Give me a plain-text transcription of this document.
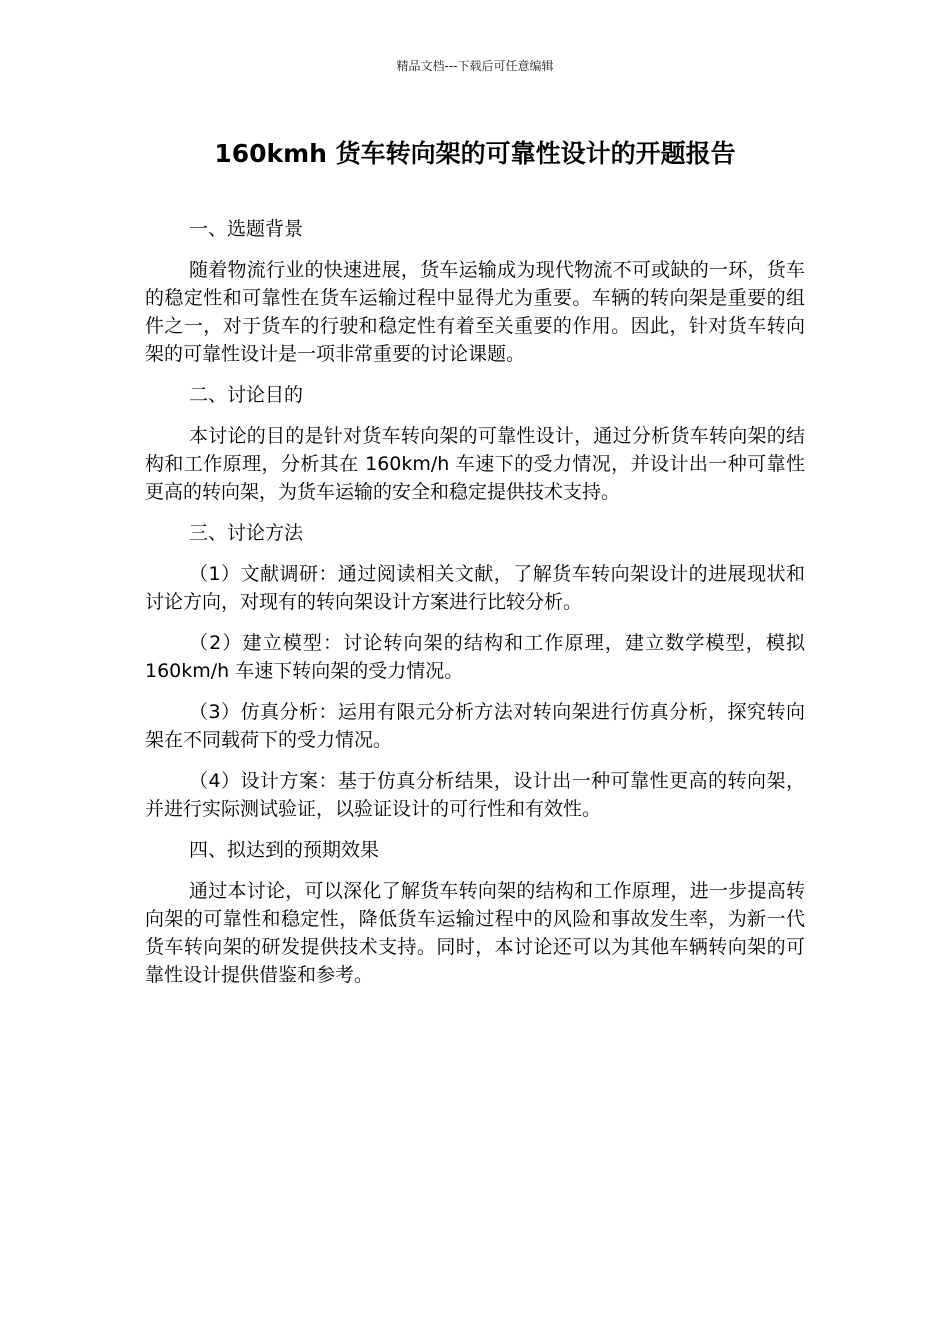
精品文档---下载后可任意编辑
160kmh 货车转向架的可靠性设计的开题报告

一、选题背景

随着物流行业的快速进展，货车运输成为现代物流不可或缺的一环，货车的稳定性和可靠性在货车运输过程中显得尤为重要。车辆的转向架是重要的组件之一，对于货车的行驶和稳定性有着至关重要的作用。因此，针对货车转向架的可靠性设计是一项非常重要的讨论课题。

二、讨论目的

本讨论的目的是针对货车转向架的可靠性设计，通过分析货车转向架的结构和工作原理，分析其在 160km/h 车速下的受力情况，并设计出一种可靠性更高的转向架，为货车运输的安全和稳定提供技术支持。

三、讨论方法

（1）文献调研：通过阅读相关文献，了解货车转向架设计的进展现状和讨论方向，对现有的转向架设计方案进行比较分析。

（2）建立模型：讨论转向架的结构和工作原理，建立数学模型，模拟 160km/h 车速下转向架的受力情况。

（3）仿真分析：运用有限元分析方法对转向架进行仿真分析，探究转向架在不同载荷下的受力情况。

（4）设计方案：基于仿真分析结果，设计出一种可靠性更高的转向架，并进行实际测试验证，以验证设计的可行性和有效性。

四、拟达到的预期效果

通过本讨论，可以深化了解货车转向架的结构和工作原理，进一步提高转向架的可靠性和稳定性，降低货车运输过程中的风险和事故发生率，为新一代货车转向架的研发提供技术支持。同时，本讨论还可以为其他车辆转向架的可靠性设计提供借鉴和参考。
